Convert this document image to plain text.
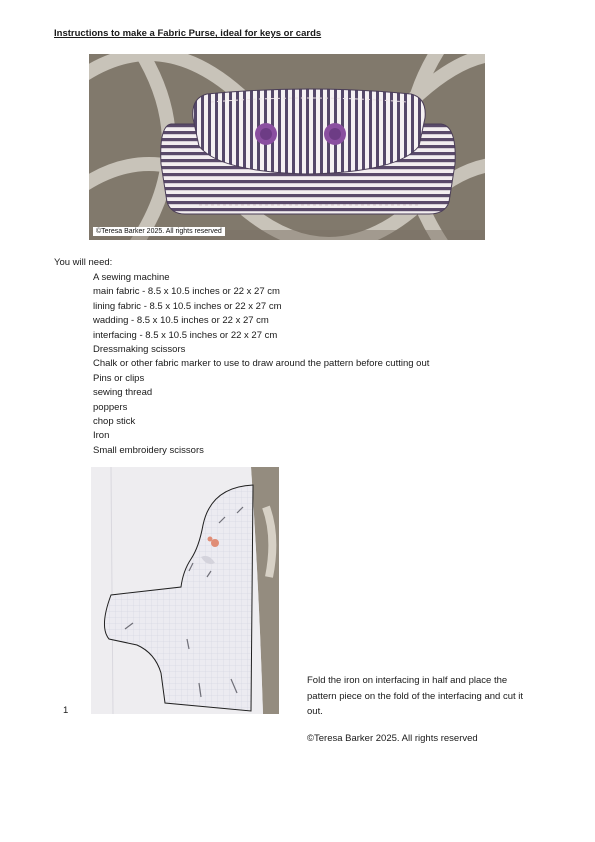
Instructions to make a Fabric Purse, ideal for keys or cards
©Teresa Barker 2025. All rights reserved
You will need:
A sewing machine
main fabric - 8.5 x 10.5 inches or 22 x 27 cm
lining fabric - 8.5 x 10.5 inches or 22 x 27 cm
wadding - 8.5 x 10.5 inches or 22 x 27 cm
interfacing - 8.5 x 10.5 inches or 22 x 27 cm
Dressmaking scissors
Chalk or other fabric marker to use to draw around the pattern before cutting out
Pins or clips
sewing thread
poppers
chop stick
Iron
Small embroidery scissors
1
Fold the iron on interfacing in half and place the pattern piece on the fold of the interfacing and cut it out.
©Teresa Barker 2025. All rights reserved
